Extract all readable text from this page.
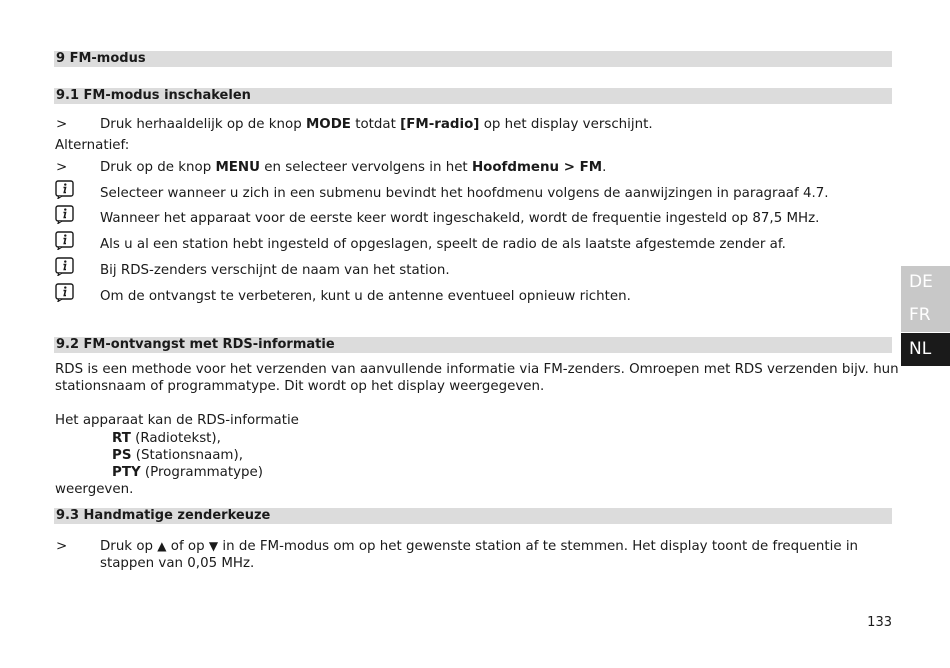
9 FM-modus
9.1 FM-modus inschakelen
> Druk herhaaldelijk op de knop MODE totdat [FM-radio] op het display verschijnt.
Alternatief:
> Druk op de knop MENU en selecteer vervolgens in het Hoofdmenu > FM.
Selecteer wanneer u zich in een submenu bevindt het hoofdmenu volgens de aanwijzingen in paragraaf 4.7.
Wanneer het apparaat voor de eerste keer wordt ingeschakeld, wordt de frequentie ingesteld op 87,5 MHz.
Als u al een station hebt ingesteld of opgeslagen, speelt de radio de als laatste afgestemde zender af.
Bij RDS-zenders verschijnt de naam van het station.
Om de ontvangst te verbeteren, kunt u de antenne eventueel opnieuw richten.
9.2 FM-ontvangst met RDS-informatie
RDS is een methode voor het verzenden van aanvullende informatie via FM-zenders. Omroepen met RDS verzenden bijv. hun
stationsnaam of programmatype. Dit wordt op het display weergegeven.
Het apparaat kan de RDS-informatie
RT (Radiotekst),
PS (Stationsnaam),
PTY (Programmatype)
weergeven.
9.3 Handmatige zenderkeuze
> Druk op ▲ of op ▼ in de FM-modus om op het gewenste station af te stemmen. Het display toont de frequentie in
stappen van 0,05 MHz.
DE
FR
NL
133
